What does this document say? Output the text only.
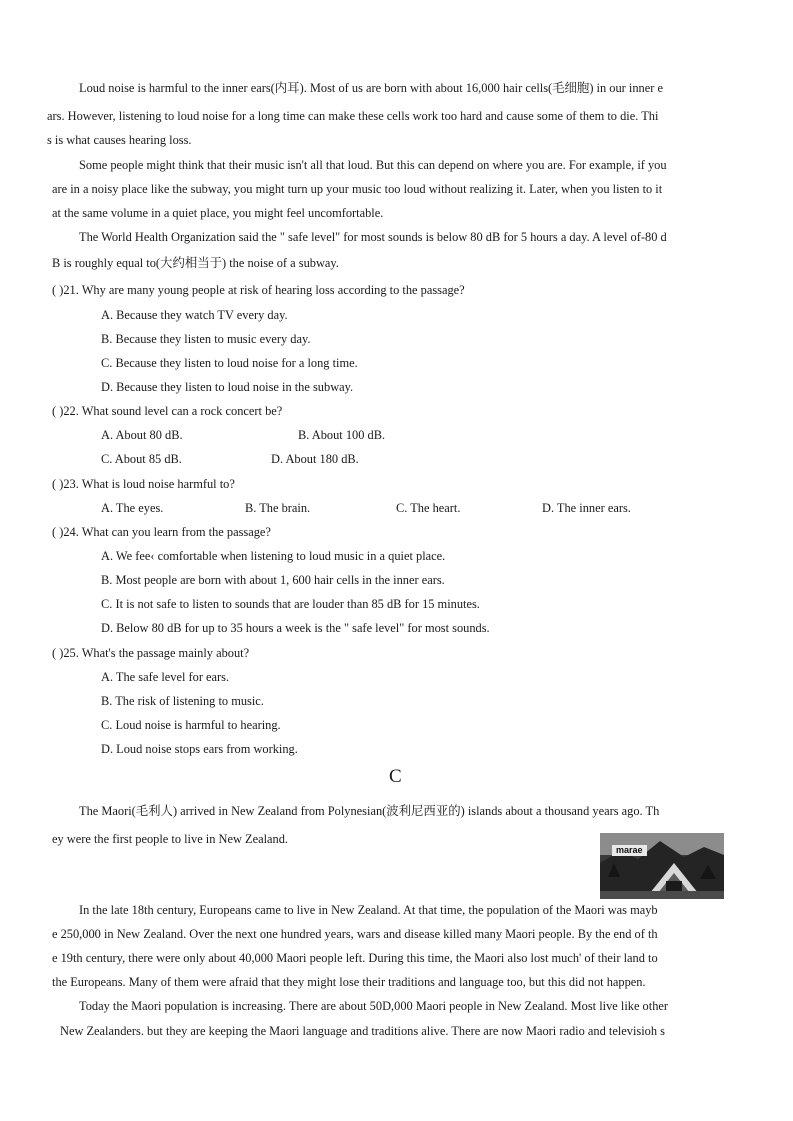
Loud noise is harmful to the inner ears(内耳). Most of us are born with about 16,000 hair cells(毛细胞) in our inner e
ars. However, listening to loud noise for a long time can make these cells work too hard and cause some of them to die. Thi
s is what causes hearing loss.
Some people might think that their music isn't all that loud. But this can depend on where you are. For example, if you
are in a noisy place like the subway, you might turn up your music too loud without realizing it. Later, when you listen to it
at the same volume in a quiet place, you might feel uncomfortable.
The World Health Organization said the " safe level" for most sounds is below 80 dB for 5 hours a day. A level of-80 d
B is roughly equal to(大约相当于) the noise of a subway.
( )21. Why are many young people at risk of hearing loss according to the passage?
A. Because they watch TV every day.
B. Because they listen to music every day.
C. Because they listen to loud noise for a long time.
D. Because they listen to loud noise in the subway.
( )22. What sound level can a rock concert be?
A. About 80 dB.	B. About 100 dB.
C. About 85 dB.	D. About 180 dB.
( )23. What is loud noise harmful to?
A. The eyes.	B. The brain.	C. The heart.	D. The inner ears.
( )24. What can you learn from the passage?
A. We fee‹ comfortable when listening to loud music in a quiet place.
B. Most people are born with about 1, 600 hair cells in the inner ears.
C. It is not safe to listen to sounds that are louder than 85 dB for 15 minutes.
D. Below 80 dB for up to 35 hours a week is the " safe level" for most sounds.
( )25. What's the passage mainly about?
A. The safe level for ears.
B. The risk of listening to music.
C. Loud noise is harmful to hearing.
D. Loud noise stops ears from working.
C
The Maori(毛利人) arrived in New Zealand from Polynesian(波利尼西亚的) islands about a thousand years ago. Th
ey were the first people to live in New Zealand.
marae
In the late 18th century, Europeans came to live in New Zealand. At that time, the population of the Maori was mayb
e 250,000 in New Zealand. Over the next one hundred years, wars and disease killed many Maori people. By the end of th
e 19th century, there were only about 40,000 Maori people left. During this time, the Maori also lost much' of their land to
the Europeans. Many of them were afraid that they might lose their traditions and language too, but this did not happen.
Today the Maori population is increasing. There are about 50D,000 Maori people in New Zealand. Most live like other
New Zealanders. but they are keeping the Maori language and traditions alive. There are now Maori radio and televisioh s
